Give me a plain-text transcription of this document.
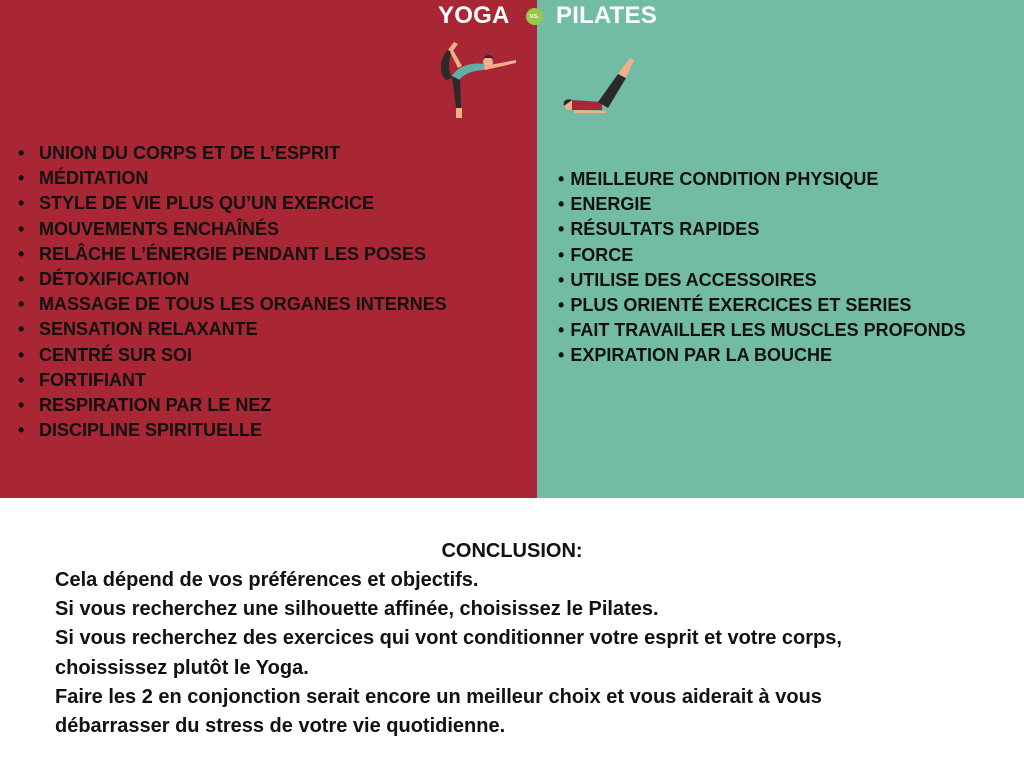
YOGA	vs. PILATES
• UNION DU CORPS ET DE L’ESPRIT
• MÉDITATION
• STYLE DE VIE PLUS QU’UN EXERCICE
• MOUVEMENTS ENCHAÎNÉS
• RELÂCHE L’ÉNERGIE PENDANT LES POSES
• DÉTOXIFICATION
• MASSAGE DE TOUS LES ORGANES INTERNES
• SENSATION RELAXANTE
• CENTRÉ SUR SOI
• FORTIFIANT
• RESPIRATION PAR LE NEZ
• DISCIPLINE SPIRITUELLE
• MEILLEURE CONDITION PHYSIQUE
• ENERGIE
• RÉSULTATS RAPIDES
• FORCE
• UTILISE DES ACCESSOIRES
• PLUS ORIENTÉ EXERCICES ET SERIES
• FAIT TRAVAILLER LES MUSCLES PROFONDS
• EXPIRATION PAR LA BOUCHE
CONCLUSION:
Cela dépend de vos préférences et objectifs.
Si vous recherchez une silhouette affinée, choisissez le Pilates.
Si vous recherchez des exercices qui vont conditionner votre esprit et votre corps,
choississez plutôt le Yoga.
Faire les 2 en conjonction serait encore un meilleur choix et vous aiderait à vous
débarrasser du stress de votre vie quotidienne.
